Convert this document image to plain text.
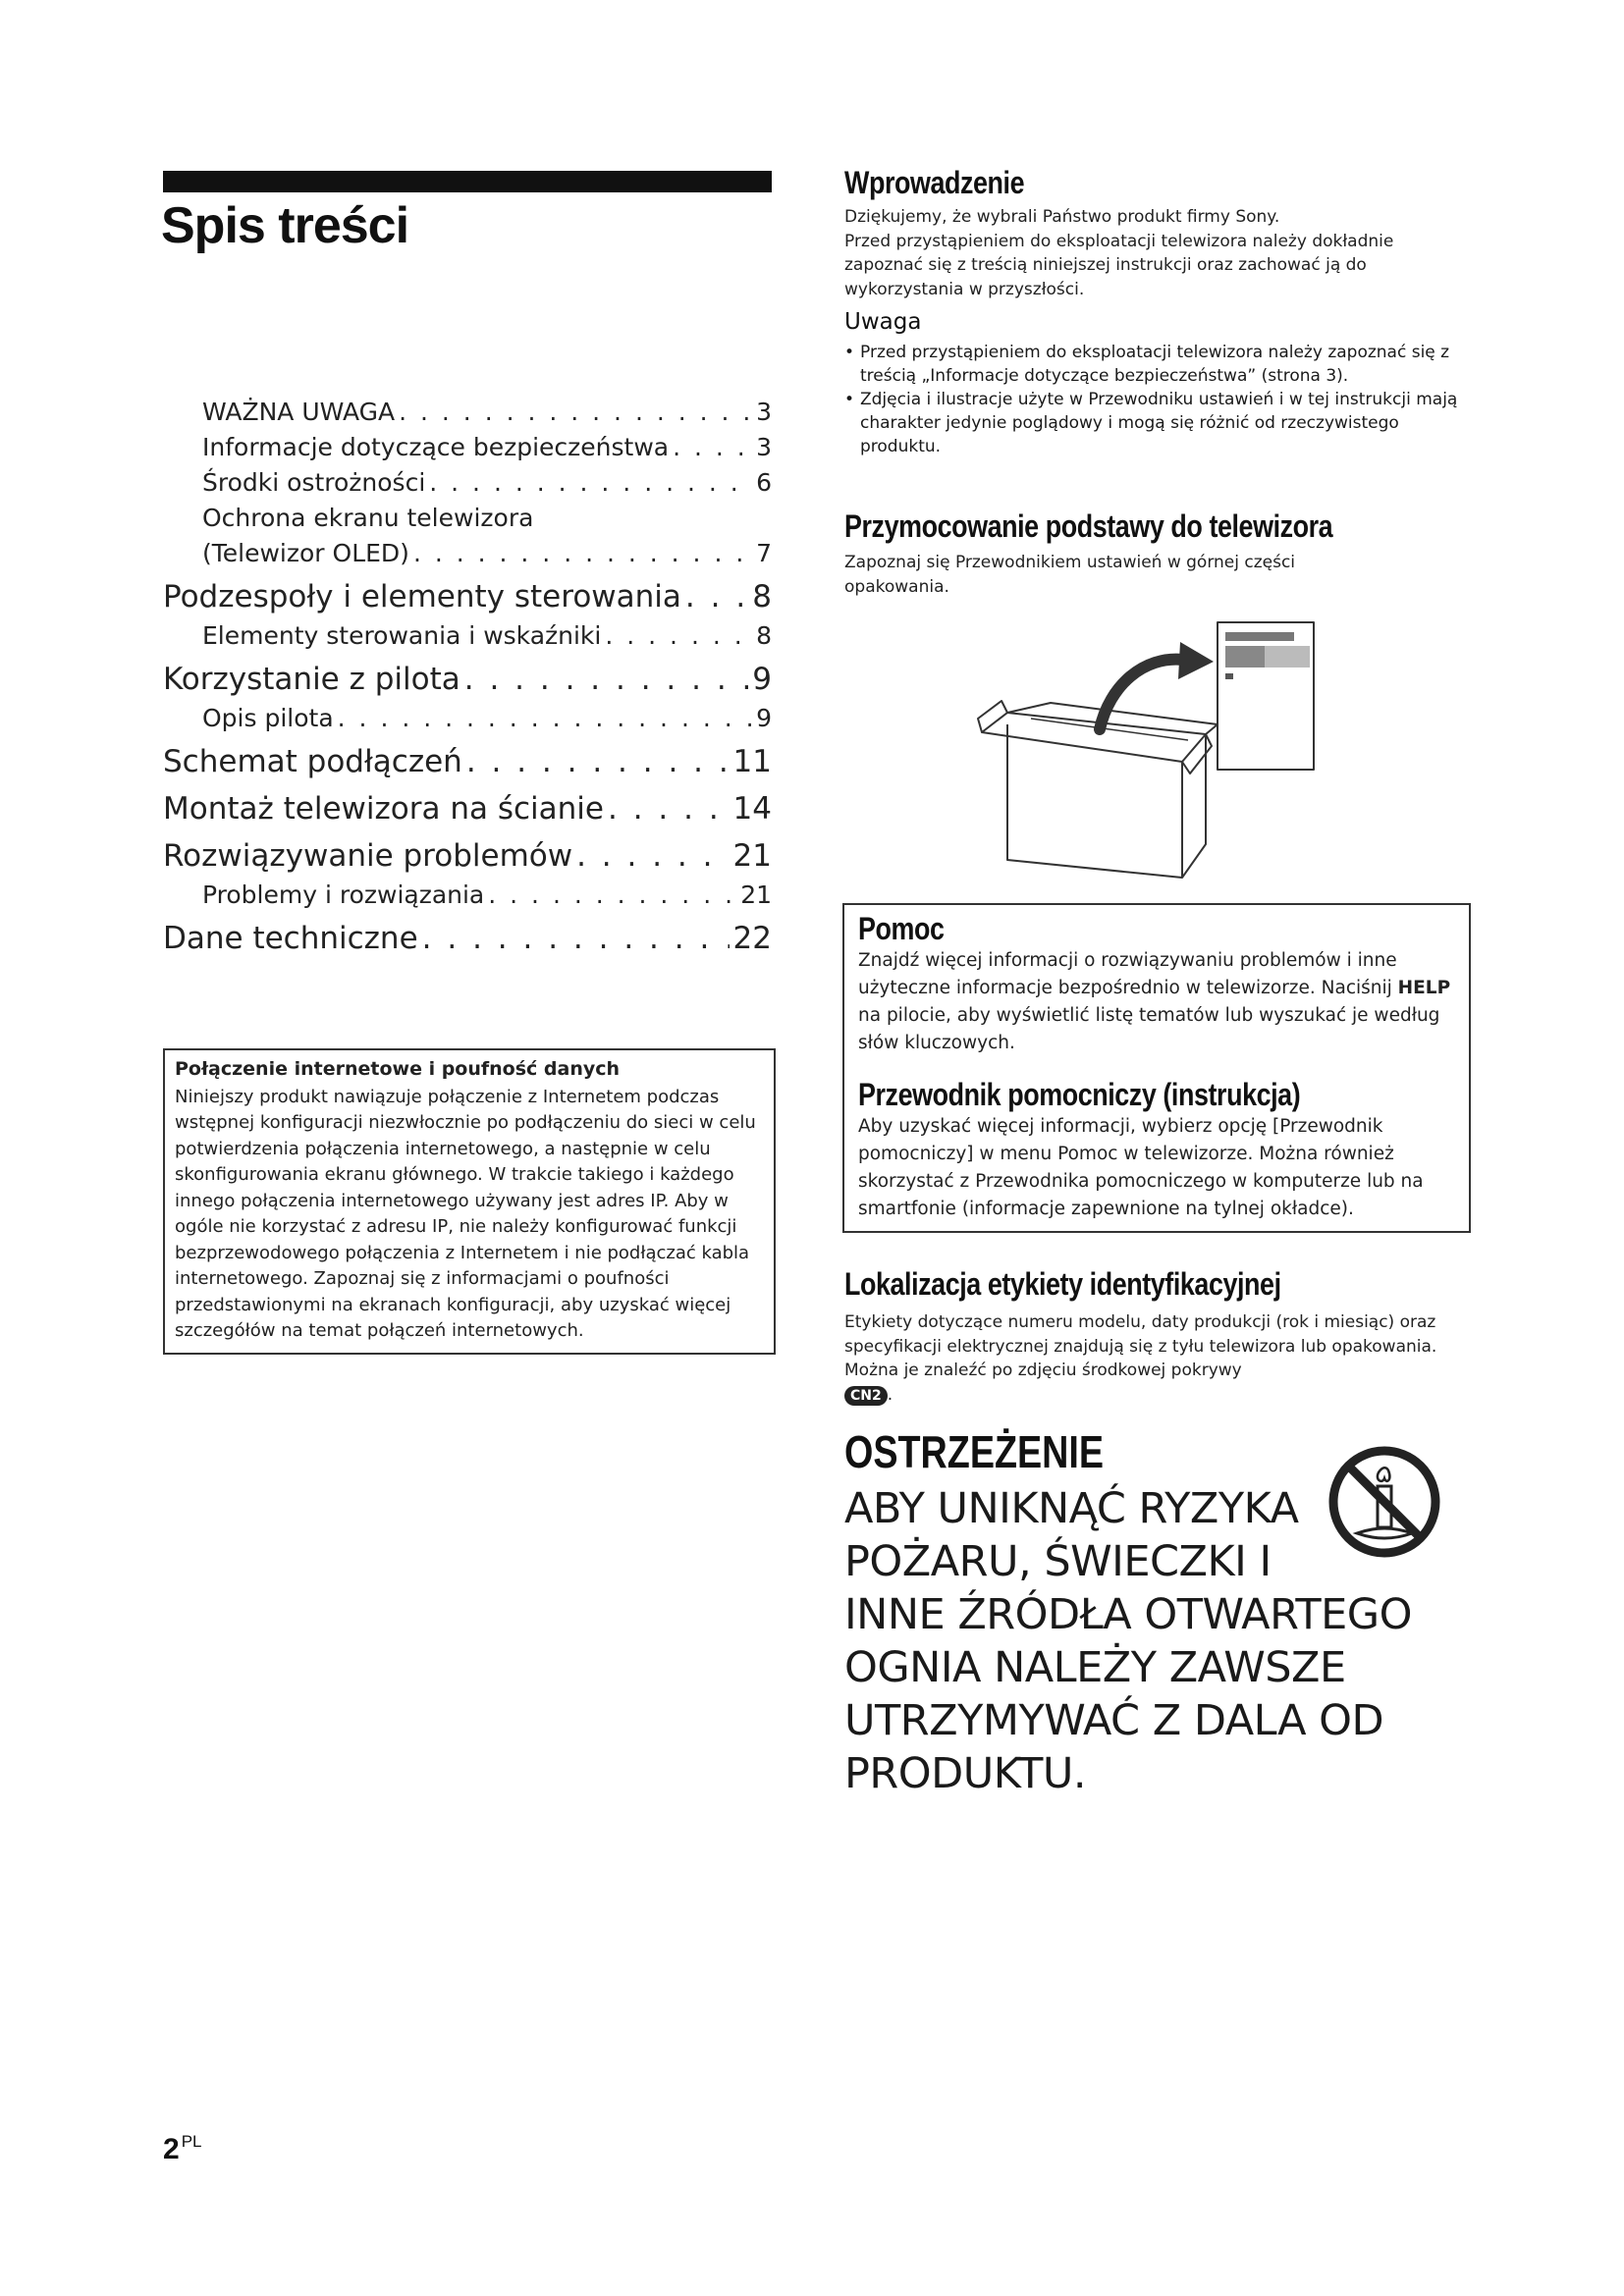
Spis treści
WAŻNA UWAGA . . .	3
Informacje dotyczące bezpieczeństwa . . .	3
Środki ostrożności . . .	6
Ochrona ekranu telewizora
(Telewizor OLED) . . .	7
Podzespoły i elementy sterowania . . . 8
Elementy sterowania i wskaźniki . . .	8
Korzystanie z pilota . . .	9
Opis pilota . . .	9
Schemat podłączeń . . .	11
Montaż telewizora na ścianie . . .	14
Rozwiązywanie problemów . . .	21
Problemy i rozwiązania . . .	21
Dane techniczne . . .	22
Połączenie internetowe i poufność danych
Niniejszy produkt nawiązuje połączenie z Internetem podczas wstępnej konfiguracji niezwłocznie po podłączeniu do sieci w celu potwierdzenia połączenia internetowego, a następnie w celu skonfigurowania ekranu głównego. W trakcie takiego i każdego innego połączenia internetowego używany jest adres IP. Aby w ogóle nie korzystać z adresu IP, nie należy konfigurować funkcji bezprzewodowego połączenia z Internetem i nie podłączać kabla internetowego. Zapoznaj się z informacjami o poufności przedstawionymi na ekranach konfiguracji, aby uzyskać więcej szczegółów na temat połączeń internetowych.
Wprowadzenie
Dziękujemy, że wybrali Państwo produkt firmy Sony.
Przed przystąpieniem do eksploatacji telewizora należy dokładnie zapoznać się z treścią niniejszej instrukcji oraz zachować ją do wykorzystania w przyszłości.
Uwaga
• Przed przystąpieniem do eksploatacji telewizora należy zapoznać się z treścią „Informacje dotyczące bezpieczeństwa” (strona 3).
• Zdjęcia i ilustracje użyte w Przewodniku ustawień i w tej instrukcji mają charakter jedynie poglądowy i mogą się różnić od rzeczywistego produktu.
Przymocowanie podstawy do telewizora
Zapoznaj się Przewodnikiem ustawień w górnej części opakowania.
Pomoc
Znajdź więcej informacji o rozwiązywaniu problemów i inne użyteczne informacje bezpośrednio w telewizorze. Naciśnij HELP na pilocie, aby wyświetlić listę tematów lub wyszukać je według słów kluczowych.
Przewodnik pomocniczy (instrukcja)
Aby uzyskać więcej informacji, wybierz opcję [Przewodnik pomocniczy] w menu Pomoc w telewizorze. Można również skorzystać z Przewodnika pomocniczego w komputerze lub na smartfonie (informacje zapewnione na tylnej okładce).
Lokalizacja etykiety identyfikacyjnej
Etykiety dotyczące numeru modelu, daty produkcji (rok i miesiąc) oraz specyfikacji elektrycznej znajdują się z tyłu telewizora lub opakowania. Można je znaleźć po zdjęciu środkowej pokrywy
CN2 .
OSTRZEŻENIE
ABY UNIKNĄĆ RYZYKA
POŻARU, ŚWIECZKI I
INNE ŹRÓDŁA OTWARTEGO
OGNIA NALEŻY ZAWSZE
UTRZYMYWAĆ Z DALA OD
PRODUKTU.
2 $^{PL}$
